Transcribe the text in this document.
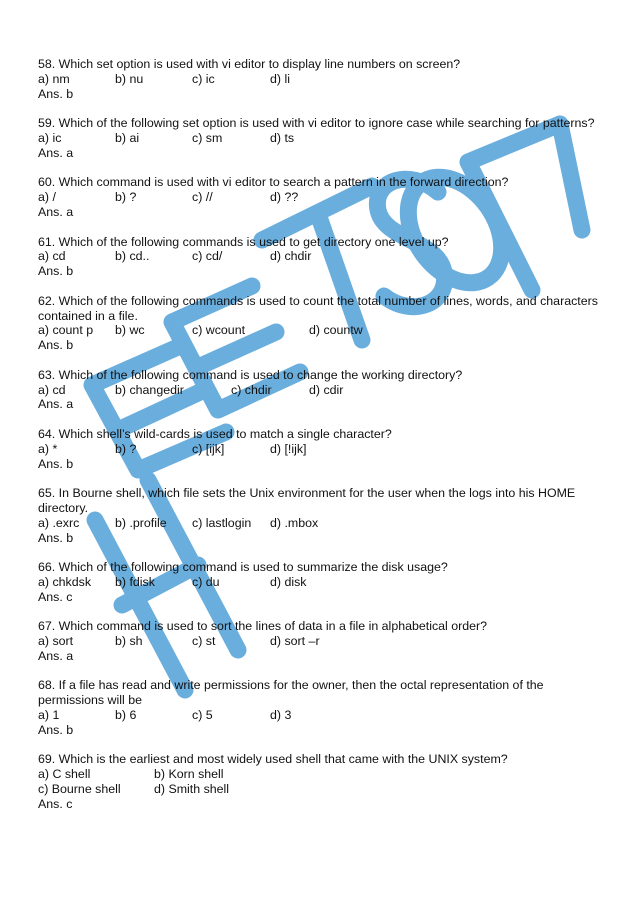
58. Which set option is used with vi editor to display line numbers on screen?
a) nm	b) nu	c) ic	d) li
Ans. b
59. Which of the following set option is used with vi editor to ignore case while searching for patterns?
a) ic	b) ai	c) sm	d) ts
Ans. a
60. Which command is used with vi editor to search a pattern in the forward direction?
a) /	b) ?	c) //	d) ??
Ans. a
61. Which of the following commands is used to get directory one level up?
a) cd	b) cd..	c) cd/	d) chdir
Ans. b
62. Which of the following commands is used to count the total number of lines, words, and characters contained in a file.
a) count p	b) wc	c) wcount	d) countw
Ans. b
63. Which of the following command is used to change the working directory?
a) cd	b) changedir	c) chdir	d) cdir
Ans. a
64. Which shell’s wild-cards is used to match a single character?
a) *	b) ?	c) [ijk]	d) [!ijk]
Ans. b
65. In Bourne shell, which file sets the Unix environment for the user when the logs into his HOME directory.
a) .exrc	b) .profile	c) lastlogin	d) .mbox
Ans. b
66. Which of the following command is used to summarize the disk usage?
a) chkdsk	b) fdisk	c) du	d) disk
Ans. c
67. Which command is used to sort the lines of data in a file in alphabetical order?
a) sort	b) sh	c) st	d) sort –r
Ans. a
68. If a file has read and write permissions for the owner, then the octal representation of the permissions will be
a) 1	b) 6	c) 5	d) 3
Ans. b
69. Which is the earliest and most widely used shell that came with the UNIX system?
a) C shell	b) Korn shell
c) Bourne shell	d) Smith shell
Ans. c
